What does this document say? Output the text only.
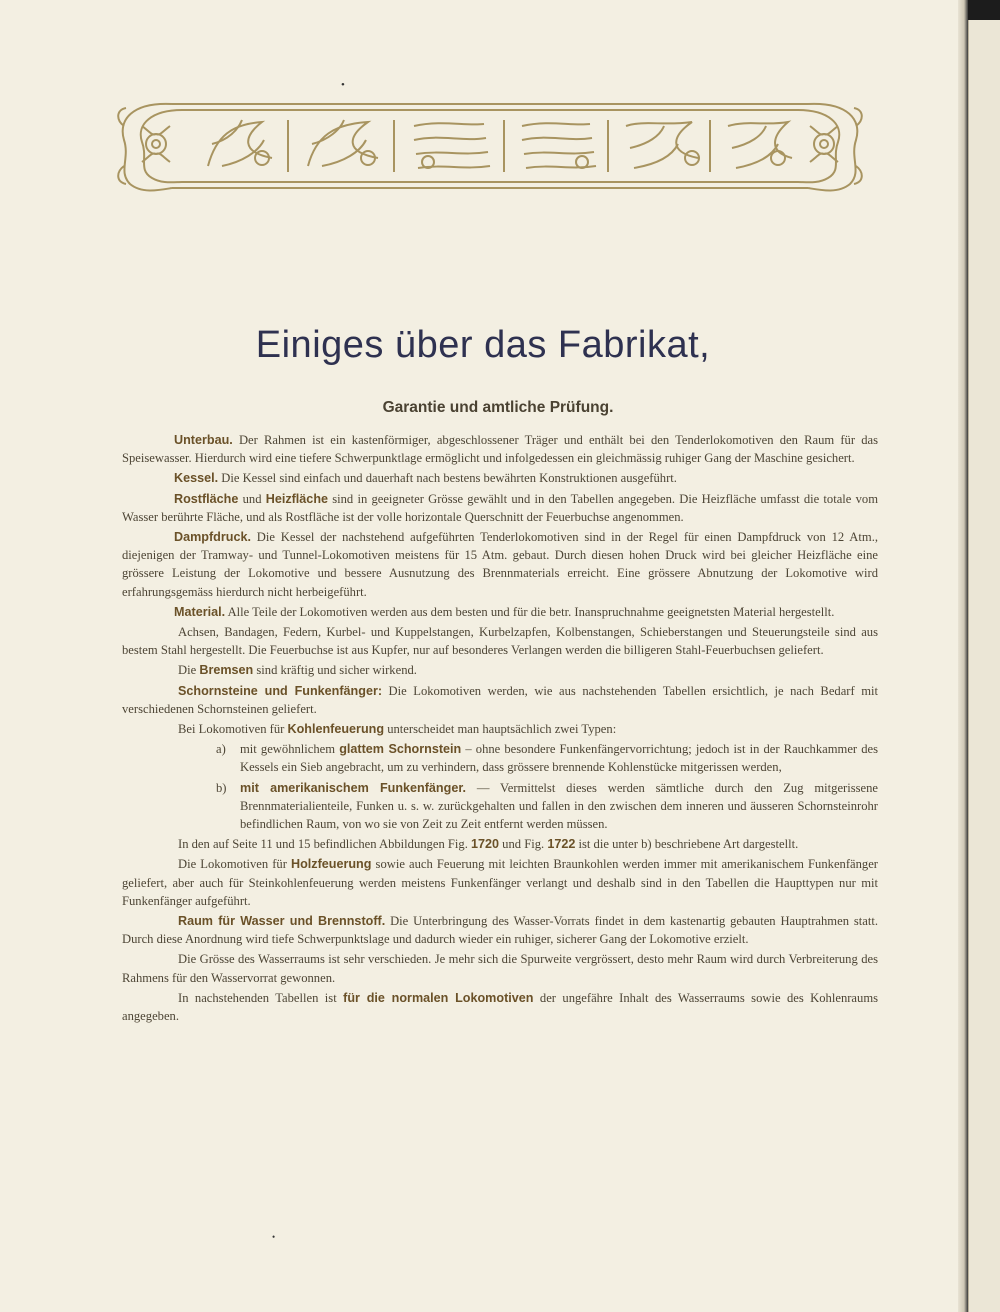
•
Einiges über das Fabrikat,
Garantie und amtliche Prüfung.

Unterbau. Der Rahmen ist ein kastenförmiger, abgeschlossener Träger und enthält bei den Tenderlokomotiven den Raum für das Speisewasser. Hierdurch wird eine tiefere Schwerpunktlage ermöglicht und infolgedessen ein gleichmässig ruhiger Gang der Maschine gesichert.

Kessel. Die Kessel sind einfach und dauerhaft nach bestens bewährten Konstruktionen ausgeführt.

Rostfläche und Heizfläche sind in geeigneter Grösse gewählt und in den Tabellen angegeben. Die Heizfläche umfasst die totale vom Wasser berührte Fläche, und als Rostfläche ist der volle horizontale Querschnitt der Feuerbuchse angenommen.

Dampfdruck. Die Kessel der nachstehend aufgeführten Tenderlokomotiven sind in der Regel für einen Dampfdruck von 12 Atm., diejenigen der Tramway- und Tunnel-Lokomotiven meistens für 15 Atm. gebaut. Durch diesen hohen Druck wird bei gleicher Heizfläche eine grössere Leistung der Lokomotive und bessere Ausnutzung des Brennmaterials erreicht. Eine grössere Abnutzung der Lokomotive wird erfahrungsgemäss hierdurch nicht herbeigeführt.

Material. Alle Teile der Lokomotiven werden aus dem besten und für die betr. Inanspruchnahme geeignetsten Material hergestellt.

Achsen, Bandagen, Federn, Kurbel- und Kuppelstangen, Kurbelzapfen, Kolbenstangen, Schieberstangen und Steuerungsteile sind aus bestem Stahl hergestellt. Die Feuerbuchse ist aus Kupfer, nur auf besonderes Verlangen werden die billigeren Stahl-Feuerbuchsen geliefert.

Die Bremsen sind kräftig und sicher wirkend.

Schornsteine und Funkenfänger: Die Lokomotiven werden, wie aus nachstehenden Tabellen ersichtlich, je nach Bedarf mit verschiedenen Schornsteinen geliefert.

Bei Lokomotiven für Kohlenfeuerung unterscheidet man hauptsächlich zwei Typen:

a)	mit gewöhnlichem glattem Schornstein – ohne besondere Funkenfängervorrichtung; jedoch ist in der Rauchkammer des Kessels ein Sieb angebracht, um zu verhindern, dass grössere brennende Kohlenstücke mitgerissen werden,
b)	mit amerikanischem Funkenfänger. — Vermittelst dieses werden sämtliche durch den Zug mitgerissene Brennmaterialienteile, Funken u. s. w. zurückgehalten und fallen in den zwischen dem inneren und äusseren Schornsteinrohr befindlichen Raum, von wo sie von Zeit zu Zeit entfernt werden müssen.

In den auf Seite 11 und 15 befindlichen Abbildungen Fig. 1720 und Fig. 1722 ist die unter b) beschriebene Art dargestellt.

Die Lokomotiven für Holzfeuerung sowie auch Feuerung mit leichten Braunkohlen werden immer mit amerikanischem Funkenfänger geliefert, aber auch für Steinkohlenfeuerung werden meistens Funkenfänger verlangt und deshalb sind in den Tabellen die Haupttypen nur mit Funkenfänger aufgeführt.

Raum für Wasser und Brennstoff. Die Unterbringung des Wasser-Vorrats findet in dem kastenartig gebauten Hauptrahmen statt. Durch diese Anordnung wird tiefe Schwerpunktslage und dadurch wieder ein ruhiger, sicherer Gang der Lokomotive erzielt.

Die Grösse des Wasserraums ist sehr verschieden. Je mehr sich die Spurweite vergrössert, desto mehr Raum wird durch Verbreiterung des Rahmens für den Wasservorrat gewonnen.

In nachstehenden Tabellen ist für die normalen Lokomotiven der ungefähre Inhalt des Wasserraums sowie des Kohlenraums angegeben.

•
